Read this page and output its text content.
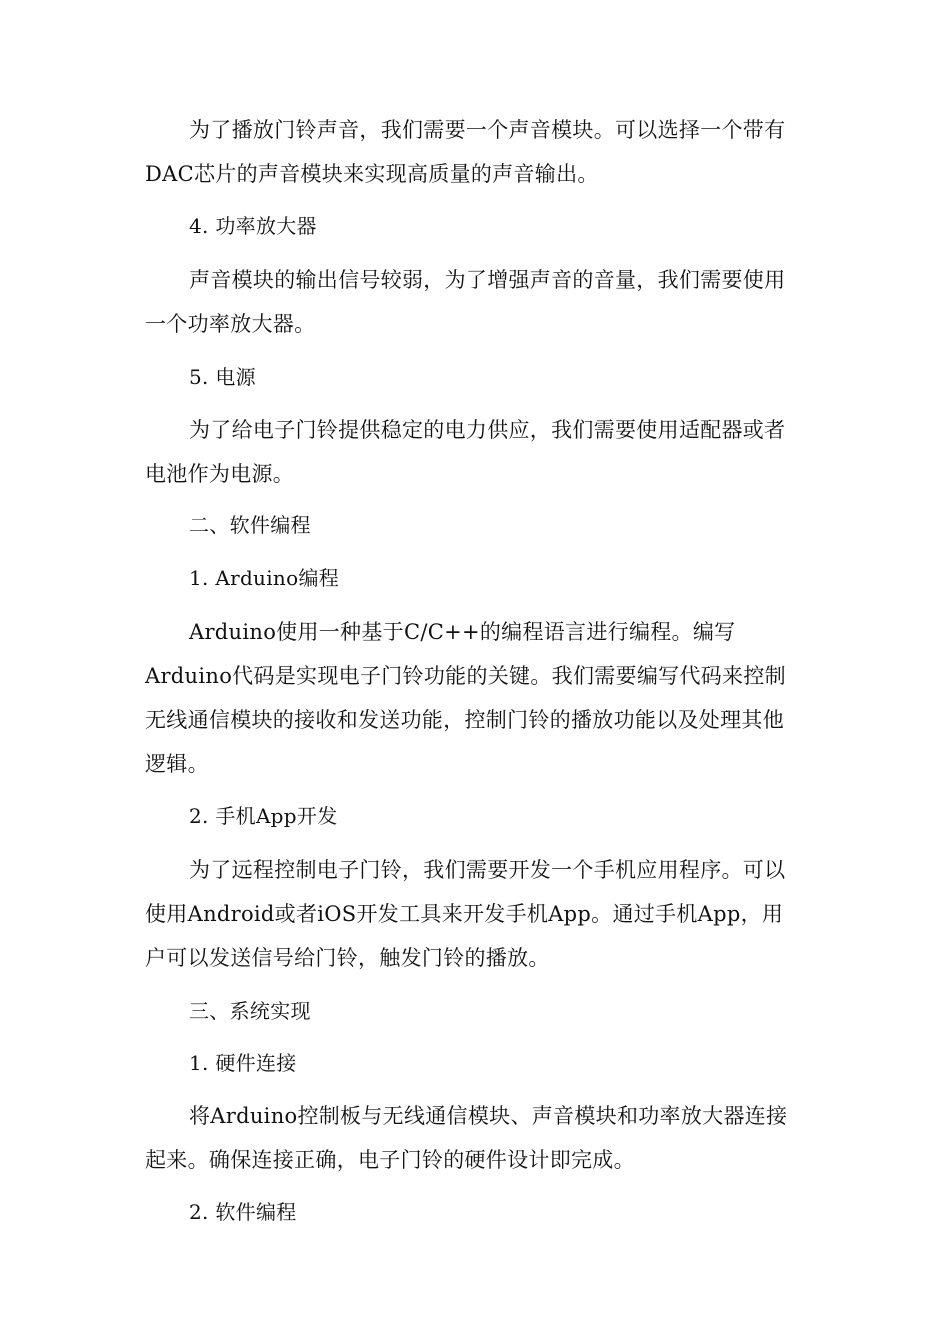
为了播放门铃声音，我们需要一个声音模块。可以选择一个带有DAC芯片的声音模块来实现高质量的声音输出。

4. 功率放大器

声音模块的输出信号较弱，为了增强声音的音量，我们需要使用一个功率放大器。

5. 电源

为了给电子门铃提供稳定的电力供应，我们需要使用适配器或者电池作为电源。

二、软件编程
1. Arduino编程

Arduino使用一种基于C/C++的编程语言进行编程。编写Arduino代码是实现电子门铃功能的关键。我们需要编写代码来控制无线通信模块的接收和发送功能，控制门铃的播放功能以及处理其他逻辑。

2. 手机App开发

为了远程控制电子门铃，我们需要开发一个手机应用程序。可以使用Android或者iOS开发工具来开发手机App。通过手机App，用户可以发送信号给门铃，触发门铃的播放。

三、系统实现
1. 硬件连接

将Arduino控制板与无线通信模块、声音模块和功率放大器连接起来。确保连接正确，电子门铃的硬件设计即完成。

2. 软件编程
